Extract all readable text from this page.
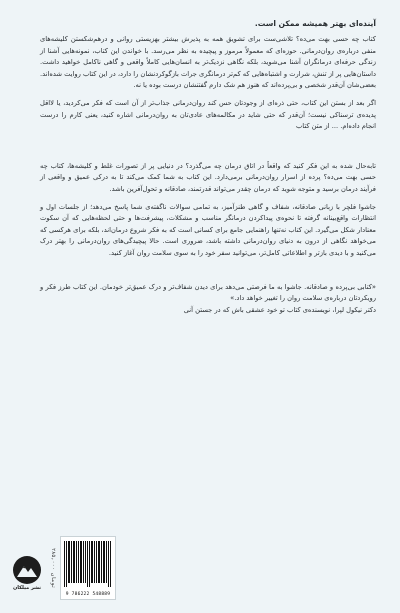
آینده‌ای بهتر همیشه ممکن است.

کتاب چه حسی بهت می‌ده؟ تلاشی‌ست برای تشویق همه به پذیرش بیشتر بهزیستی روانی و درهم‌شکستن کلیشه‌های منفی درباره‌ی روان‌درمانی. حوزه‌ای که معمولاً مرموز و پیچیده به نظر می‌رسد. با خواندن این کتاب، نمونه‌هایی آشنا از زندگی حرفه‌ای درمانگران آشنا می‌شوید، بلکه نگاهی نزدیک‌تر به انسان‌هایی کاملاً واقعی و گاهی ناکامل خواهید داشت. داستان‌هایی پر از تنش، شرارت و اشتباه‌هایی که کم‌تر درمانگری جرات بازگوکردنشان را دارد، در این کتاب روایت شده‌اند. بعضی‌شان آن‌قدر شخصی و بی‌پرده‌اند که هنوز هم شک دارم گفتنشان درست بوده یا نه.

اگر بعد از بستن این کتاب، حتی ذره‌ای از وجودتان حس کند روان‌درمانی جذاب‌تر از آن است که فکر می‌کردید، یا لااقل پدیده‌ی ترسناکی نیست؛ آن‌قدر که حتی شاید در مکالمه‌های عادی‌تان به روان‌درمانی اشاره کنید، یعنی کارم را درست انجام داده‌ام. ... از متن کتاب

تابه‌حال شده به این فکر کنید که واقعاً در اتاق درمان چه می‌گذرد؟ در دنیایی پر از تصورات غلط و کلیشه‌ها، کتاب چه حسی بهت می‌ده؟ پرده از اسرار روان‌درمانی برمی‌دارد. این کتاب به شما کمک می‌کند تا به درکی عمیق و واقعی از فرآیند درمان برسید و متوجه شوید که درمان چقدر می‌تواند قدرتمند، صادقانه و تحول‌آفرین باشد.

جاشوا فلچر با زبانی صادقانه، شفاف و گاهی طنزآمیز، به تمامی سوالات ناگفته‌ی شما پاسخ می‌دهد؛ از جلسات اول و انتظارات واقع‌بینانه گرفته تا نحوه‌ی پیداکردن درمانگر مناسب و مشکلات، پیشرفت‌ها و حتی لحظه‌هایی که آن سکوت معنادار شکل می‌گیرد. این کتاب نه‌تنها راهنمایی جامع برای کسانی است که به فکر شروع درمان‌اند، بلکه برای هرکسی که می‌خواهد نگاهی از درون به دنیای روان‌درمانی داشته باشد، ضروری است. حالا پیچیدگی‌های روان‌درمانی را بهتر درک می‌کنید و با دیدی بازتر و اطلاعاتی کامل‌تر، می‌توانید سفر خود را به سوی سلامت روان آغاز کنید.

«کتابی بی‌پرده و صادقانه. جاشوا به ما فرصتی می‌دهد برای دیدن شفاف‌تر و درک عمیق‌تر خودمان. این کتاب طرز فکر و رویکردتان درباره‌ی سلامت روان را تغییر خواهد داد.»

دکتر نیکول لپرا، نویسنده‌ی کتاب تو خود عشقی باش که در جستن آنی

۲۸۵,۰۰۰ تومان
9 786222 548889
نشر میلکان
